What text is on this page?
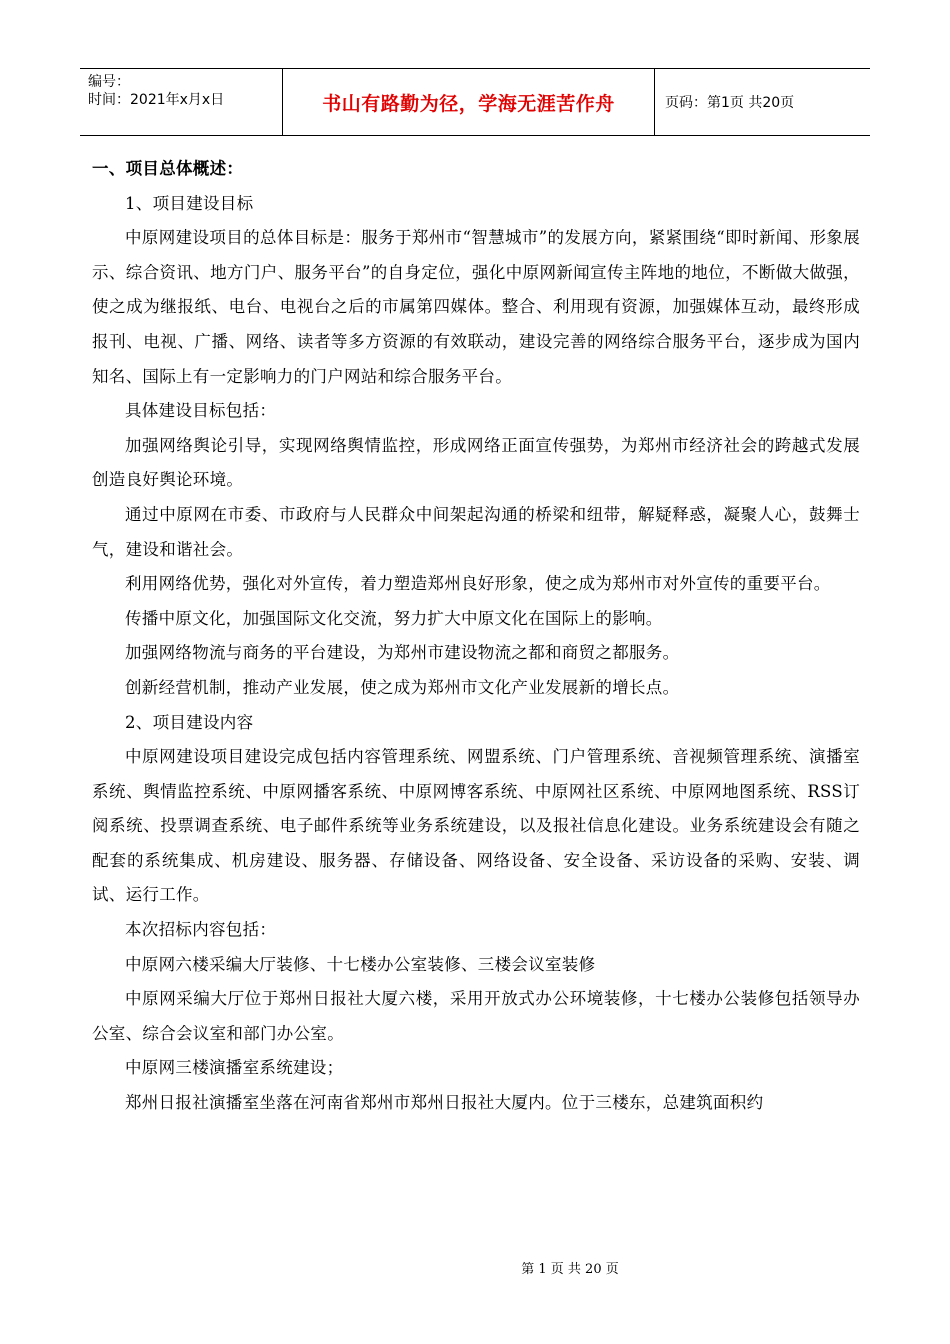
编号：
时间：2021年x月x日	书山有路勤为径，学海无涯苦作舟	页码：第1页 共20页

一、项目总体概述：

1、项目建设目标

中原网建设项目的总体目标是：服务于郑州市“智慧城市”的发展方向，紧紧围绕“即时新闻、形象展示、综合资讯、地方门户、服务平台”的自身定位，强化中原网新闻宣传主阵地的地位，不断做大做强，使之成为继报纸、电台、电视台之后的市属第四媒体。整合、利用现有资源，加强媒体互动，最终形成报刊、电视、广播、网络、读者等多方资源的有效联动，建设完善的网络综合服务平台，逐步成为国内知名、国际上有一定影响力的门户网站和综合服务平台。

具体建设目标包括：

加强网络舆论引导，实现网络舆情监控，形成网络正面宣传强势，为郑州市经济社会的跨越式发展创造良好舆论环境。

通过中原网在市委、市政府与人民群众中间架起沟通的桥梁和纽带，解疑释惑，凝聚人心，鼓舞士气，建设和谐社会。

利用网络优势，强化对外宣传，着力塑造郑州良好形象，使之成为郑州市对外宣传的重要平台。

传播中原文化，加强国际文化交流，努力扩大中原文化在国际上的影响。

加强网络物流与商务的平台建设，为郑州市建设物流之都和商贸之都服务。

创新经营机制，推动产业发展，使之成为郑州市文化产业发展新的增长点。

2、项目建设内容

中原网建设项目建设完成包括内容管理系统、网盟系统、门户管理系统、音视频管理系统、演播室系统、舆情监控系统、中原网播客系统、中原网博客系统、中原网社区系统、中原网地图系统、RSS订阅系统、投票调查系统、电子邮件系统等业务系统建设，以及报社信息化建设。业务系统建设会有随之配套的系统集成、机房建设、服务器、存储设备、网络设备、安全设备、采访设备的采购、安装、调试、运行工作。

本次招标内容包括：

中原网六楼采编大厅装修、十七楼办公室装修、三楼会议室装修

中原网采编大厅位于郑州日报社大厦六楼，采用开放式办公环境装修，十七楼办公装修包括领导办公室、综合会议室和部门办公室。

中原网三楼演播室系统建设；

郑州日报社演播室坐落在河南省郑州市郑州日报社大厦内。位于三楼东，总建筑面积约

第 1 页 共 20 页
